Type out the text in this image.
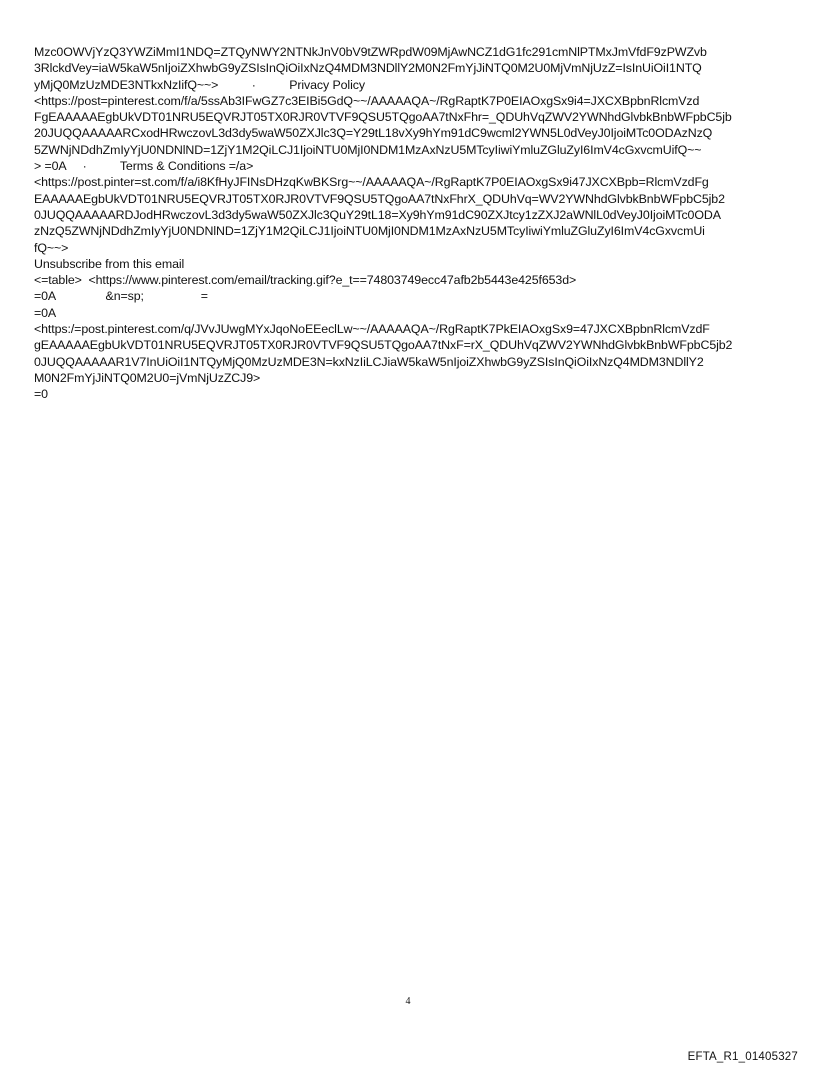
Mzc0OWVjYzQ3YWZiMmI1NDQ=ZTQyNWY2NTNkJnV0bV9tZWRpdW09MjAwNCZ1dG1fc291cmNlPTMxJmVfdF9zPWZvb
3RlckdVey=iaW5kaW5nIjoiZXhwbG9yZSIsInQiOiIxNzQ4MDM3NDllY2M0N2FmYjJiNTQ0M2U0MjVmNjUzZ=IsInUiOiI1NTQ
yMjQ0MzUzMDE3NTkxNzIifQ~~>          ·          Privacy Policy
<https://post=pinterest.com/f/a/5ssAb3IFwGZ7c3EIBi5GdQ~~/AAAAAQA~/RgRaptK7P0EIAOxgSx9i4=JXCXBpbnRlcmVzd
FgEAAAAAEgbUkVDT01NRU5EQVRJT05TX0RJR0VTVF9QSU5TQgoAA7tNxFhr=_QDUhVqZWV2YWNhdGlvbkBnbWFpbC5jb
20JUQQAAAAARCxodHRwczovL3d3dy5waW50ZXJlc3Q=Y29tL18vXy9hYm91dC9wcml2YWN5L0dVeyJ0IjoiMTc0ODAzNzQ
5ZWNjNDdhZmIyYjU0NDNlND=1ZjY1M2QiLCJ1IjoiNTU0MjI0NDM1MzAxNzU5MTcyIiwiYmluZGluZyI6ImV4cGxvcmUifQ~~
> =0A     ·          Terms & Conditions =/a>
<https://post.pinter=st.com/f/a/i8KfHyJFINsDHzqKwBKSrg~~/AAAAAQA~/RgRaptK7P0EIAOxgSx9i47JXCXBpb=RlcmVzdFg
EAAAAAEgbUkVDT01NRU5EQVRJT05TX0RJR0VTVF9QSU5TQgoAA7tNxFhrX_QDUhVq=WV2YWNhdGlvbkBnbWFpbC5jb2
0JUQQAAAAARDJodHRwczovL3d3dy5waW50ZXJlc3QuY29tL18=Xy9hYm91dC90ZXJtcy1zZXJ2aWNlL0dVeyJ0IjoiMTc0ODA
zNzQ5ZWNjNDdhZmIyYjU0NDNlND=1ZjY1M2QiLCJ1IjoiNTU0MjI0NDM1MzAxNzU5MTcyIiwiYmluZGluZyI6ImV4cGxvcmUi
fQ~~>
Unsubscribe from this email
<=table>  <https://www.pinterest.com/email/tracking.gif?e_t==74803749ecc47afb2b5443e425f653d>
=0A               &n=sp;                 =
=0A
<https:/=post.pinterest.com/q/JVvJUwgMYxJqoNoEEeclLw~~/AAAAAQA~/RgRaptK7PkEIAOxgSx9=47JXCXBpbnRlcmVzdF
gEAAAAAEgbUkVDT01NRU5EQVRJT05TX0RJR0VTVF9QSU5TQgoAA7tNxF=rX_QDUhVqZWV2YWNhdGlvbkBnbWFpbC5jb2
0JUQQAAAAAR1V7InUiOiI1NTQyMjQ0MzUzMDE3N=kxNzIiLCJiaW5kaW5nIjoiZXhwbG9yZSIsInQiOiIxNzQ4MDM3NDllY2
M0N2FmYjJiNTQ0M2U0=jVmNjUzZCJ9>
=0
4
EFTA_R1_01405327
